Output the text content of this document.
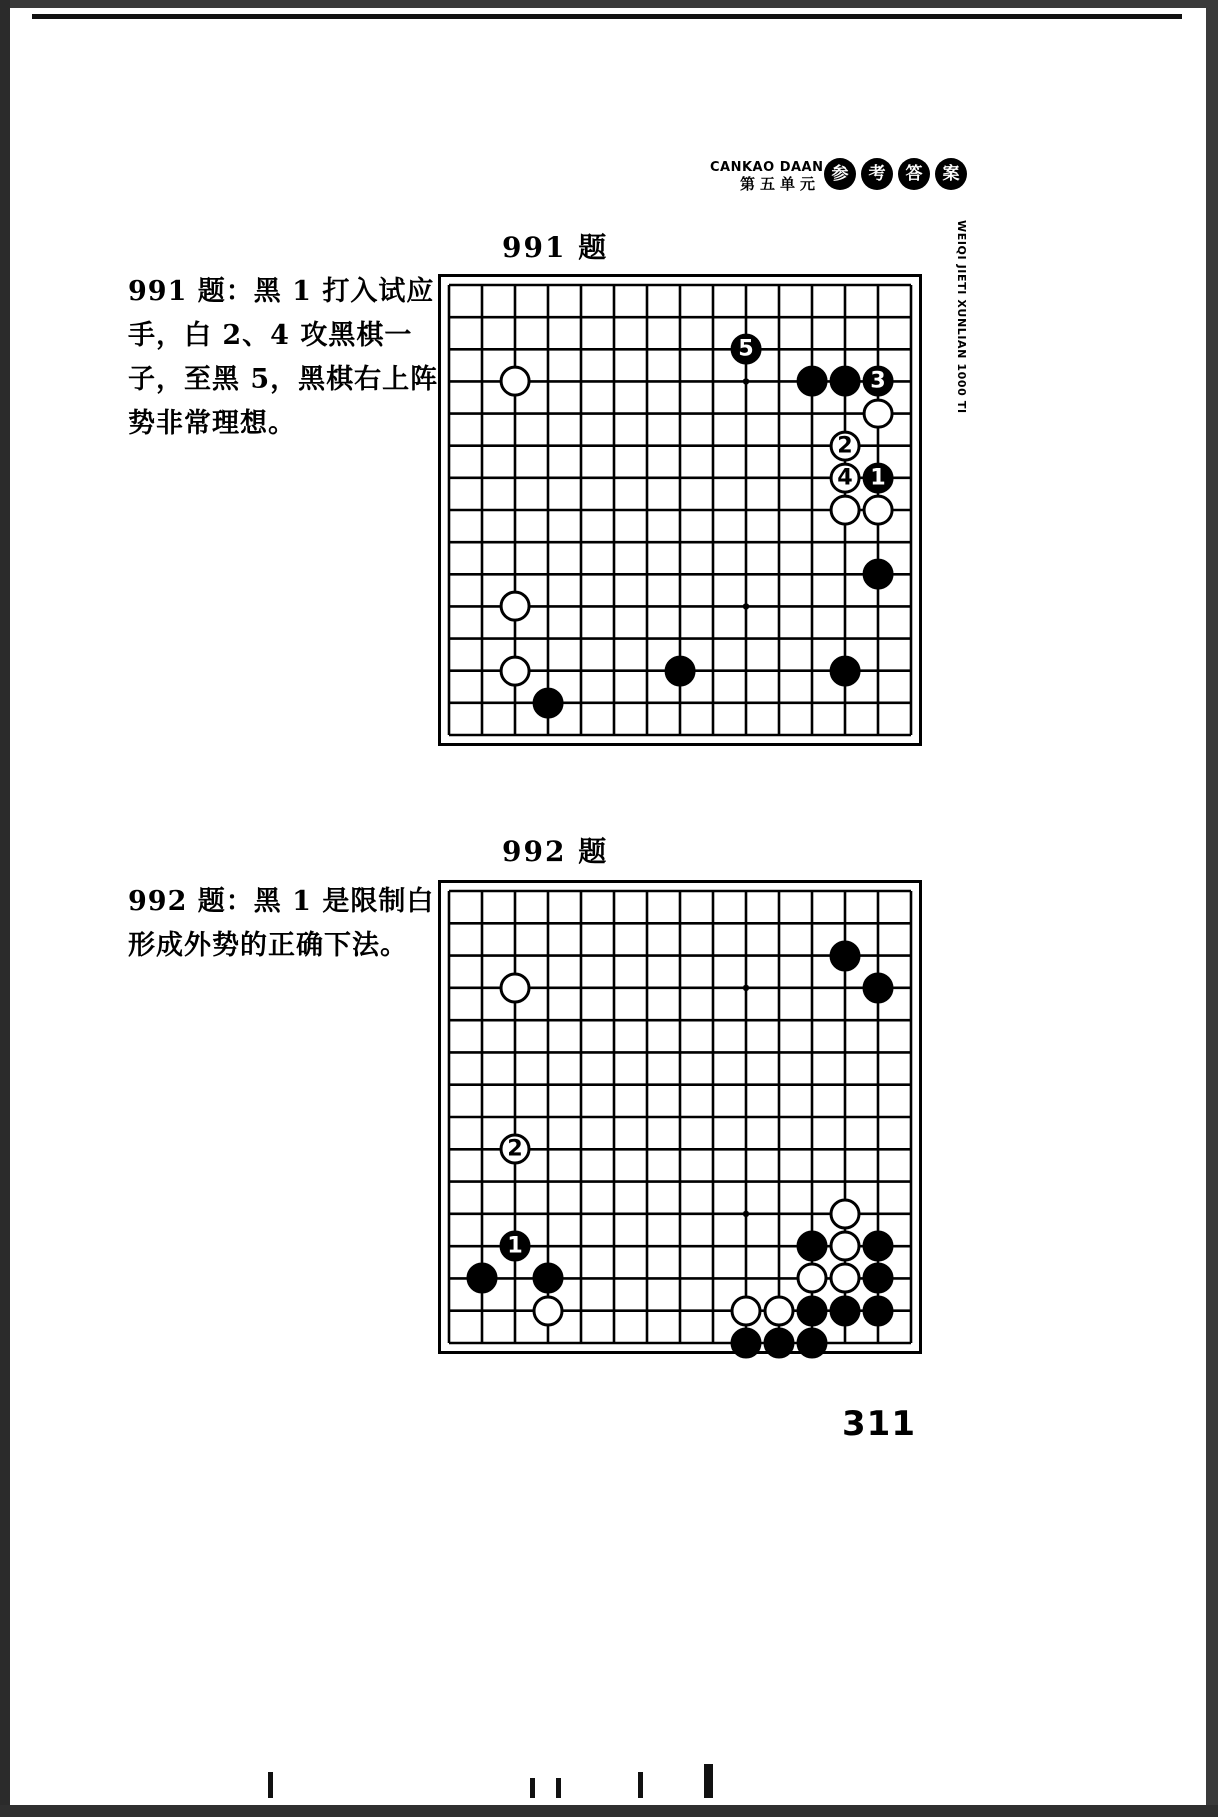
CANKAO DAAN
第五单元 参	考	答	案
WEIQI JIETI XUNLIAN 1000 TI
991 题
991 题：黑 1 打入试应手，白 2、4 攻黑棋一子，至黑 5，黑棋右上阵势非常理想。
5
3
2
4 1
992 题
992 题：黑 1 是限制白形成外势的正确下法。
2
1
311
